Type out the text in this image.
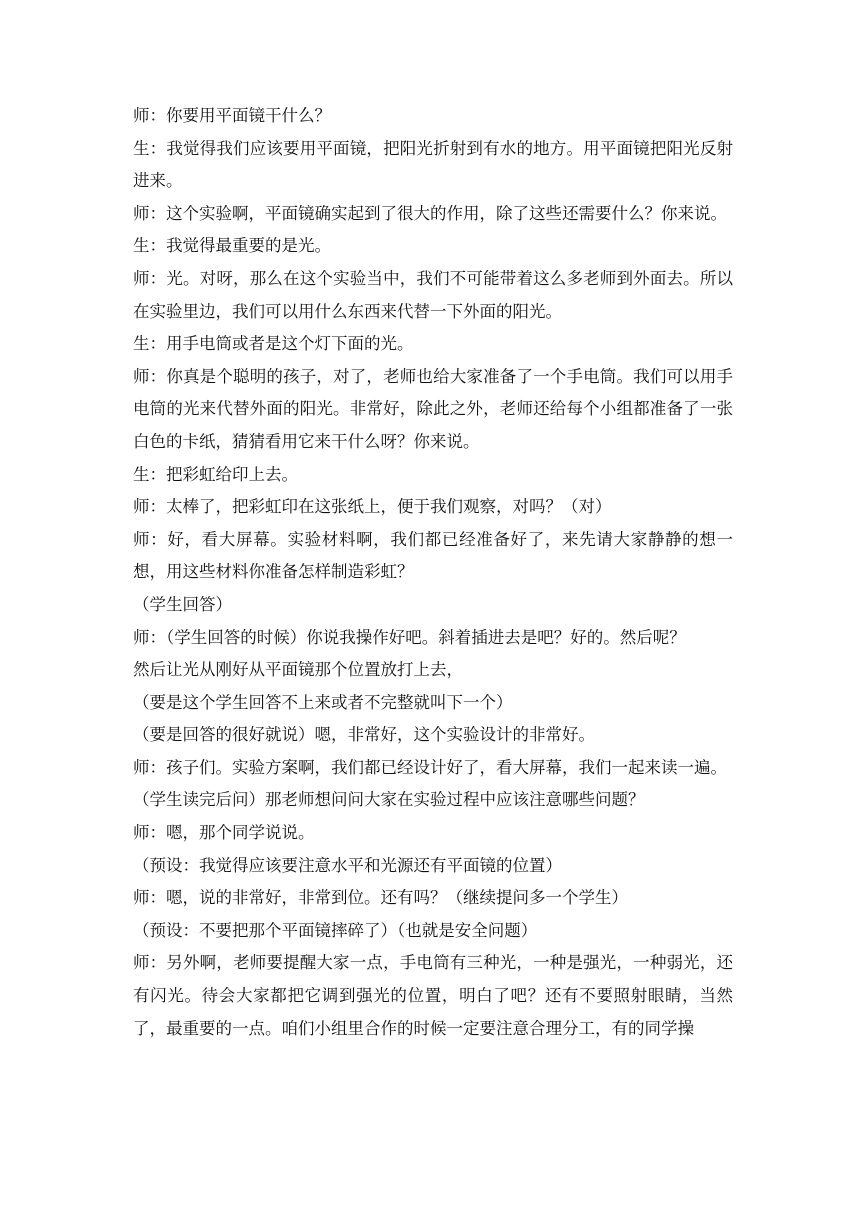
师：你要用平面镜干什么？

生：我觉得我们应该要用平面镜，把阳光折射到有水的地方。用平面镜把阳光反射进来。

师：这个实验啊，平面镜确实起到了很大的作用，除了这些还需要什么？你来说。

生：我觉得最重要的是光。

师：光。对呀，那么在这个实验当中，我们不可能带着这么多老师到外面去。所以在实验里边，我们可以用什么东西来代替一下外面的阳光。

生：用手电筒或者是这个灯下面的光。

师：你真是个聪明的孩子，对了，老师也给大家准备了一个手电筒。我们可以用手电筒的光来代替外面的阳光。非常好，除此之外，老师还给每个小组都准备了一张白色的卡纸，猜猜看用它来干什么呀？你来说。

生：把彩虹给印上去。

师：太棒了，把彩虹印在这张纸上，便于我们观察，对吗？（对）

师：好，看大屏幕。实验材料啊，我们都已经准备好了，来先请大家静静的想一想，用这些材料你准备怎样制造彩虹？

（学生回答）

师：（学生回答的时候）你说我操作好吧。斜着插进去是吧？好的。然后呢？

然后让光从刚好从平面镜那个位置放打上去，

（要是这个学生回答不上来或者不完整就叫下一个）

（要是回答的很好就说）嗯，非常好，这个实验设计的非常好。

师：孩子们。实验方案啊，我们都已经设计好了，看大屏幕，我们一起来读一遍。

（学生读完后问）那老师想问问大家在实验过程中应该注意哪些问题？

师：嗯，那个同学说说。

（预设：我觉得应该要注意水平和光源还有平面镜的位置）

师：嗯，说的非常好，非常到位。还有吗？（继续提问多一个学生）

（预设：不要把那个平面镜摔碎了）（也就是安全问题）

师：另外啊，老师要提醒大家一点，手电筒有三种光，一种是强光，一种弱光，还有闪光。待会大家都把它调到强光的位置，明白了吧？还有不要照射眼睛，当然了，最重要的一点。咱们小组里合作的时候一定要注意合理分工，有的同学操
